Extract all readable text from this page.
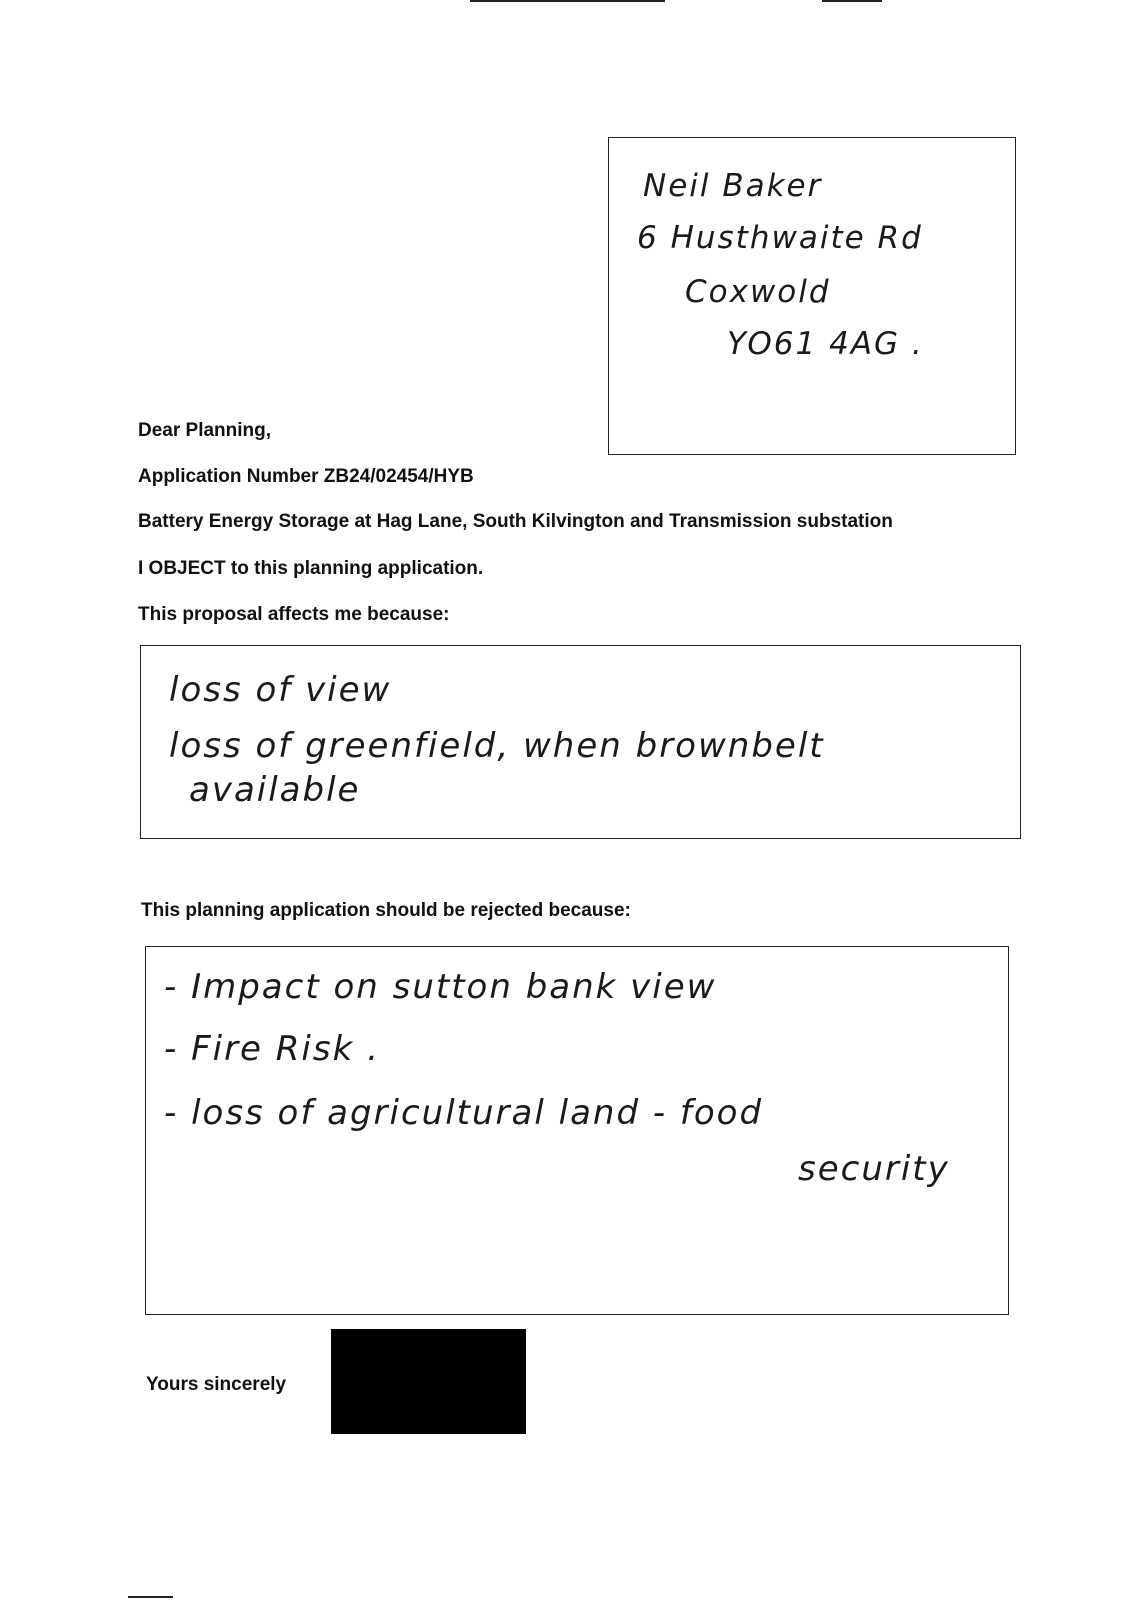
Neil Baker
6 Husthwaite Rd
Coxwold
YO61 4AG .
Dear Planning,
Application Number ZB24/02454/HYB
Battery Energy Storage at Hag Lane, South Kilvington and Transmission substation
I OBJECT to this planning application.
This proposal affects me because:
loss of view
loss of greenfield, when brownbelt
available
This planning application should be rejected because:
- Impact on sutton bank view
- Fire Risk .
- loss of agricultural land - food
security
Yours sincerely
